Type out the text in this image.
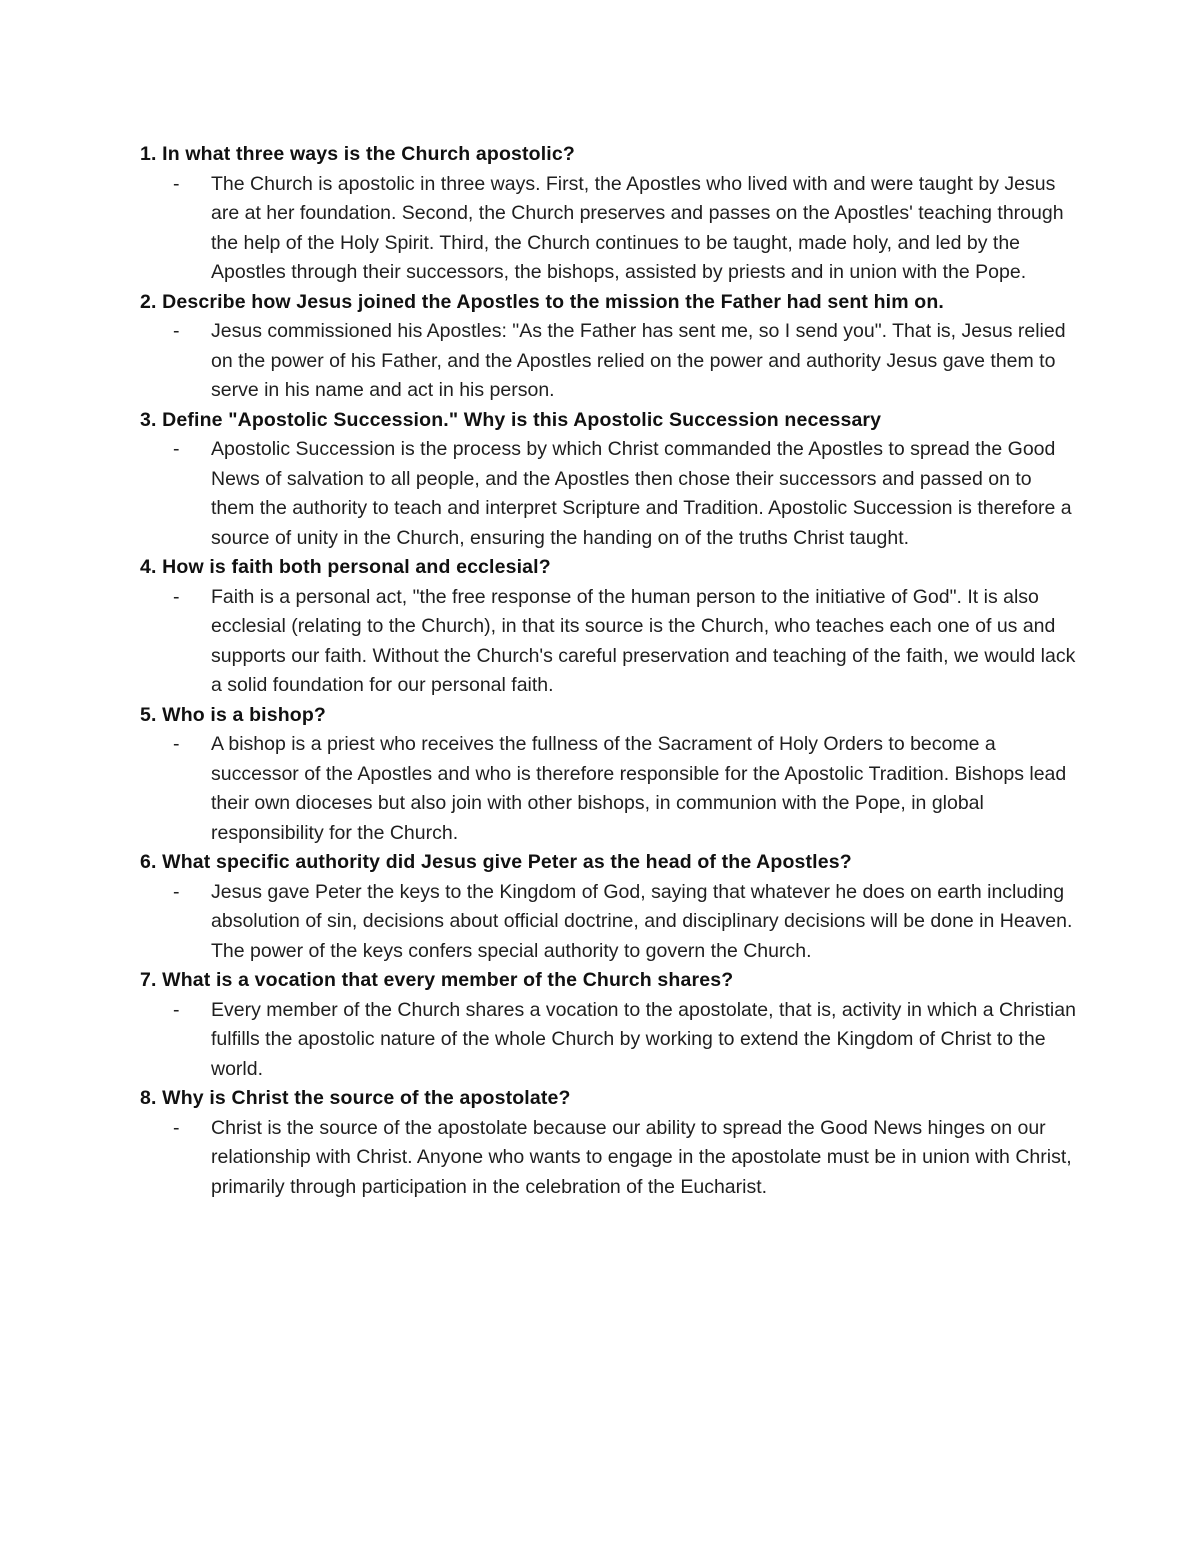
1. In what three ways is the Church apostolic?
- The Church is apostolic in three ways. First, the Apostles who lived with and were taught by Jesus are at her foundation. Second, the Church preserves and passes on the Apostles' teaching through the help of the Holy Spirit. Third, the Church continues to be taught, made holy, and led by the Apostles through their successors, the bishops, assisted by priests and in union with the Pope.
2. Describe how Jesus joined the Apostles to the mission the Father had sent him on.
- Jesus commissioned his Apostles: "As the Father has sent me, so I send you". That is, Jesus relied on the power of his Father, and the Apostles relied on the power and authority Jesus gave them to serve in his name and act in his person.
3. Define "Apostolic Succession." Why is this Apostolic Succession necessary
- Apostolic Succession is the process by which Christ commanded the Apostles to spread the Good News of salvation to all people, and the Apostles then chose their successors and passed on to them the authority to teach and interpret Scripture and Tradition. Apostolic Succession is therefore a source of unity in the Church, ensuring the handing on of the truths Christ taught.
4. How is faith both personal and ecclesial?
- Faith is a personal act, "the free response of the human person to the initiative of God". It is also ecclesial (relating to the Church), in that its source is the Church, who teaches each one of us and supports our faith. Without the Church's careful preservation and teaching of the faith, we would lack a solid foundation for our personal faith.
5. Who is a bishop?
- A bishop is a priest who receives the fullness of the Sacrament of Holy Orders to become a successor of the Apostles and who is therefore responsible for the Apostolic Tradition. Bishops lead their own dioceses but also join with other bishops, in communion with the Pope, in global responsibility for the Church.
6. What specific authority did Jesus give Peter as the head of the Apostles?
- Jesus gave Peter the keys to the Kingdom of God, saying that whatever he does on earth including absolution of sin, decisions about official doctrine, and disciplinary decisions will be done in Heaven. The power of the keys confers special authority to govern the Church.
7. What is a vocation that every member of the Church shares?
- Every member of the Church shares a vocation to the apostolate, that is, activity in which a Christian fulfills the apostolic nature of the whole Church by working to extend the Kingdom of Christ to the world.
8. Why is Christ the source of the apostolate?
- Christ is the source of the apostolate because our ability to spread the Good News hinges on our relationship with Christ. Anyone who wants to engage in the apostolate must be in union with Christ, primarily through participation in the celebration of the Eucharist.
